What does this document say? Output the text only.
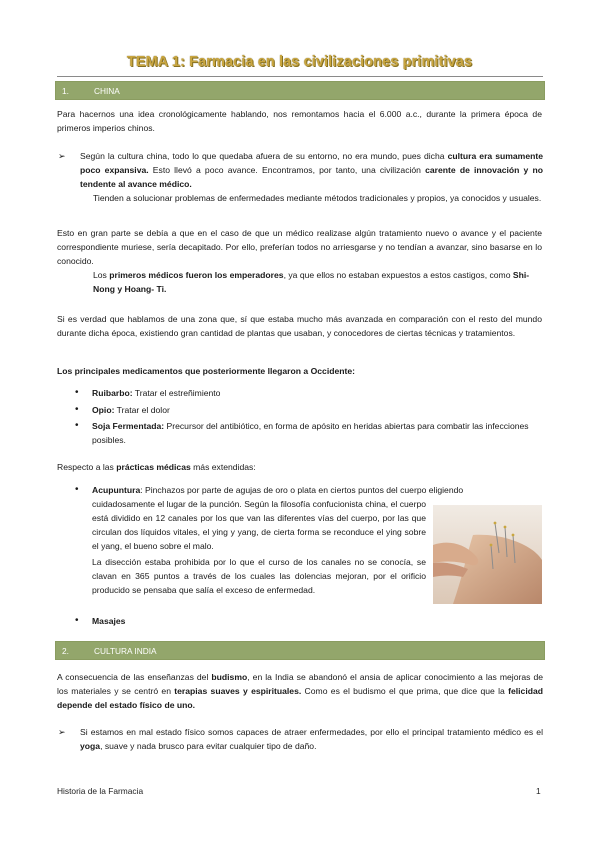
TEMA 1: Farmacia en las civilizaciones primitivas
1.	CHINA
Para hacernos una idea cronológicamente hablando, nos remontamos hacia el 6.000 a.c., durante la primera época de primeros imperios chinos.
➢ Según la cultura china, todo lo que quedaba afuera de su entorno, no era mundo, pues dicha cultura era sumamente poco expansiva. Esto llevó a poco avance. Encontramos, por tanto, una civilización carente de innovación y no tendente al avance médico.
Tienden a solucionar problemas de enfermedades mediante métodos tradicionales y propios, ya conocidos y usuales.
Esto en gran parte se debía a que en el caso de que un médico realizase algún tratamiento nuevo o avance y el paciente correspondiente muriese, sería decapitado. Por ello, preferían todos no arriesgarse y no tendían a avanzar, sino basarse en lo conocido.
Los primeros médicos fueron los emperadores, ya que ellos no estaban expuestos a estos castigos, como Shi-Nong y Hoang- Ti.
Si es verdad que hablamos de una zona que, sí que estaba mucho más avanzada en comparación con el resto del mundo durante dicha época, existiendo gran cantidad de plantas que usaban, y conocedores de ciertas técnicas y tratamientos.
Los principales medicamentos que posteriormente llegaron a Occidente:
• Ruibarbo: Tratar el estreñimiento
• Opio: Tratar el dolor
• Soja Fermentada: Precursor del antibiótico, en forma de apósito en heridas abiertas para combatir las infecciones posibles.
Respecto a las prácticas médicas más extendidas:
• Acupuntura: Pinchazos por parte de agujas de oro o plata en ciertos puntos del cuerpo eligiendo
cuidadosamente el lugar de la punción. Según la filosofía confucionista china, el cuerpo está dividido en 12 canales por los que van las diferentes vías del cuerpo, por las que circulan dos líquidos vitales, el ying y yang, de cierta forma se reconduce el ying sobre el yang, el bueno sobre el malo.
La disección estaba prohibida por lo que el curso de los canales no se conocía, se clavan en 365 puntos a través de los cuales las dolencias mejoran, por el orificio producido se pensaba que salía el exceso de enfermedad.
• Masajes
2.	CULTURA INDIA
A consecuencia de las enseñanzas del budismo, en la India se abandonó el ansia de aplicar conocimiento a las mejoras de los materiales y se centró en terapias suaves y espirituales. Como es el budismo el que prima, que dice que la felicidad depende del estado físico de uno.
➢ Si estamos en mal estado físico somos capaces de atraer enfermedades, por ello el principal tratamiento médico es el yoga, suave y nada brusco para evitar cualquier tipo de daño.
Historia de la Farmacia	1
